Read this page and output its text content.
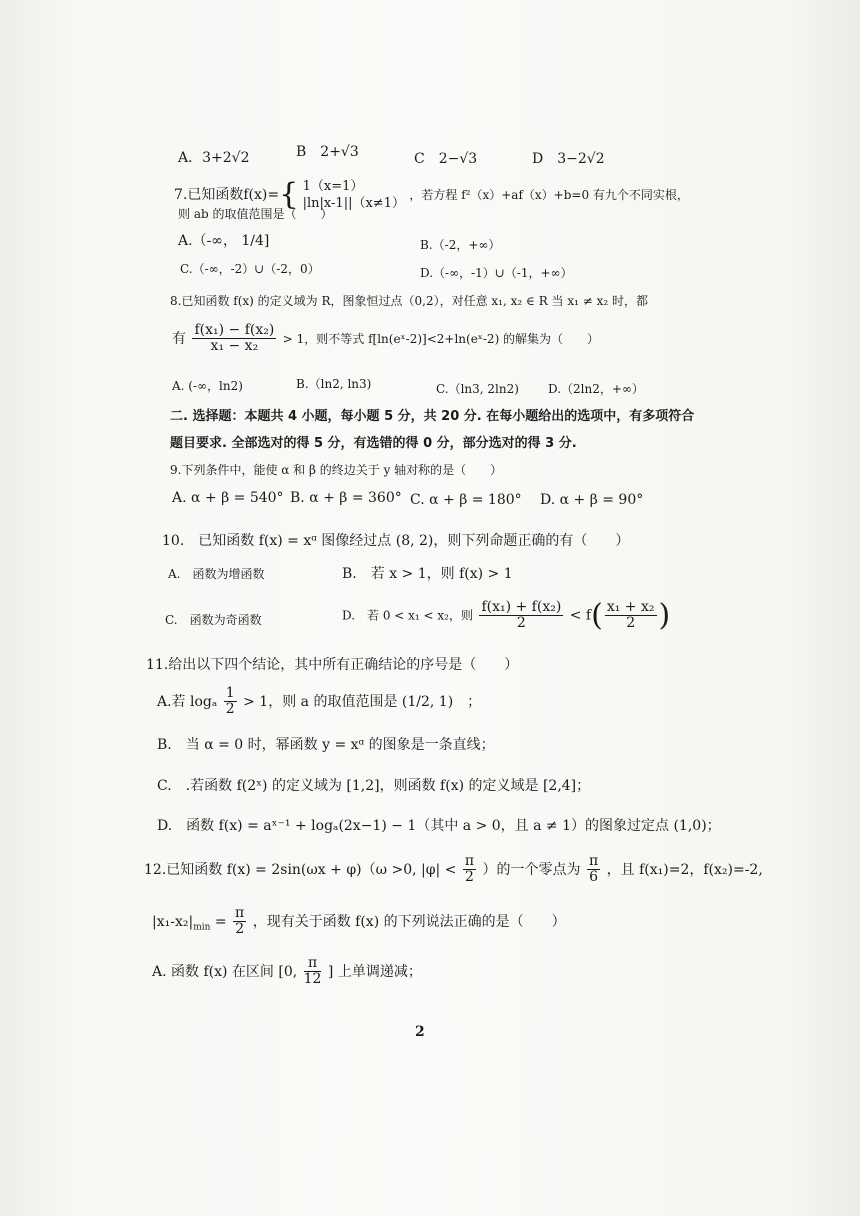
A．3+2√2	B　2+√3	C　2−√3	D　3−2√2
7.已知函数f(x)={ 1（x=1）
|ln|x-1||（x≠1）
，若方程 f²（x）+af（x）+b=0 有九个不同实根，
则 ab 的取值范围是（　　）
A.（-∞， 1/4]	B.（-2，+∞）
C.（-∞，-2）∪（-2，0）	D.（-∞，-1）∪（-1，+∞）
8.已知函数 f(x) 的定义域为 R，图象恒过点（0,2），对任意 x₁, x₂ ∈ R 当 x₁ ≠ x₂ 时，都
有 $\frac{\text{f(x₁) − f(x₂)}}{\text{x₁ − x₂}} > 1$，则不等式 f[ln(eˣ-2)]<2+ln(eˣ-2) 的解集为（　　）
A. (-∞，ln2)	B.（ln2, ln3)	C.（ln3, 2ln2) D.（2ln2，+∞）
二. 选择题：本题共 4 小题，每小题 5 分，共 20 分. 在每小题给出的选项中，有多项符合
题目要求. 全部选对的得 5 分，有选错的得 0 分，部分选对的得 3 分.
9.下列条件中，能使 α 和 β 的终边关于 y 轴对称的是（　　）
A. α + β = 540° B. α + β = 360° C. α + β = 180° D. α + β = 90°
10.　已知函数 f(x) = xᵅ 图像经过点 (8, 2)，则下列命题正确的有（　　）
A.　函数为增函数	B.　若 x > 1，则 f(x) > 1
C.　函数为奇函数	D.　若 0 < x₁ < x₂，则 $\frac{\text{f(x₁) + f(x₂)}}{2} < f( \frac{\text{x₁ + x₂}}{2}$ )
11.给出以下四个结论，其中所有正确结论的序号是（　　）
A.若 logₐ $\frac{1}{2} > 1$，则 a 的取值范围是 (1/2, 1)　；
B.　当 α = 0 时，幂函数 y = xᵅ 的图象是一条直线；
C.　.若函数 f(2ˣ) 的定义域为 [1,2]，则函数 f(x) 的定义域是 [2,4]；
D.　函数 f(x) = aˣ⁻¹ + logₐ(2x−1) − 1（其中 a > 0，且 a ≠ 1）的图象过定点 (1,0)；
12.已知函数 f(x) = 2sin(ωx + φ)（ω >0, $|\varphi| < \frac{\pi}{2}$ ）的一个零点为 $\frac{\pi}{6}$ ，且 f(x₁)=2，f(x₂)=-2,
$|x_1-x_2|_{min} = \frac{\pi}{2}$ ，现有关于函数 f(x) 的下列说法正确的是（　　）
A. 函数 f(x) 在区间 [0, $\frac{\pi}{12}$ ] 上单调递减；
2
